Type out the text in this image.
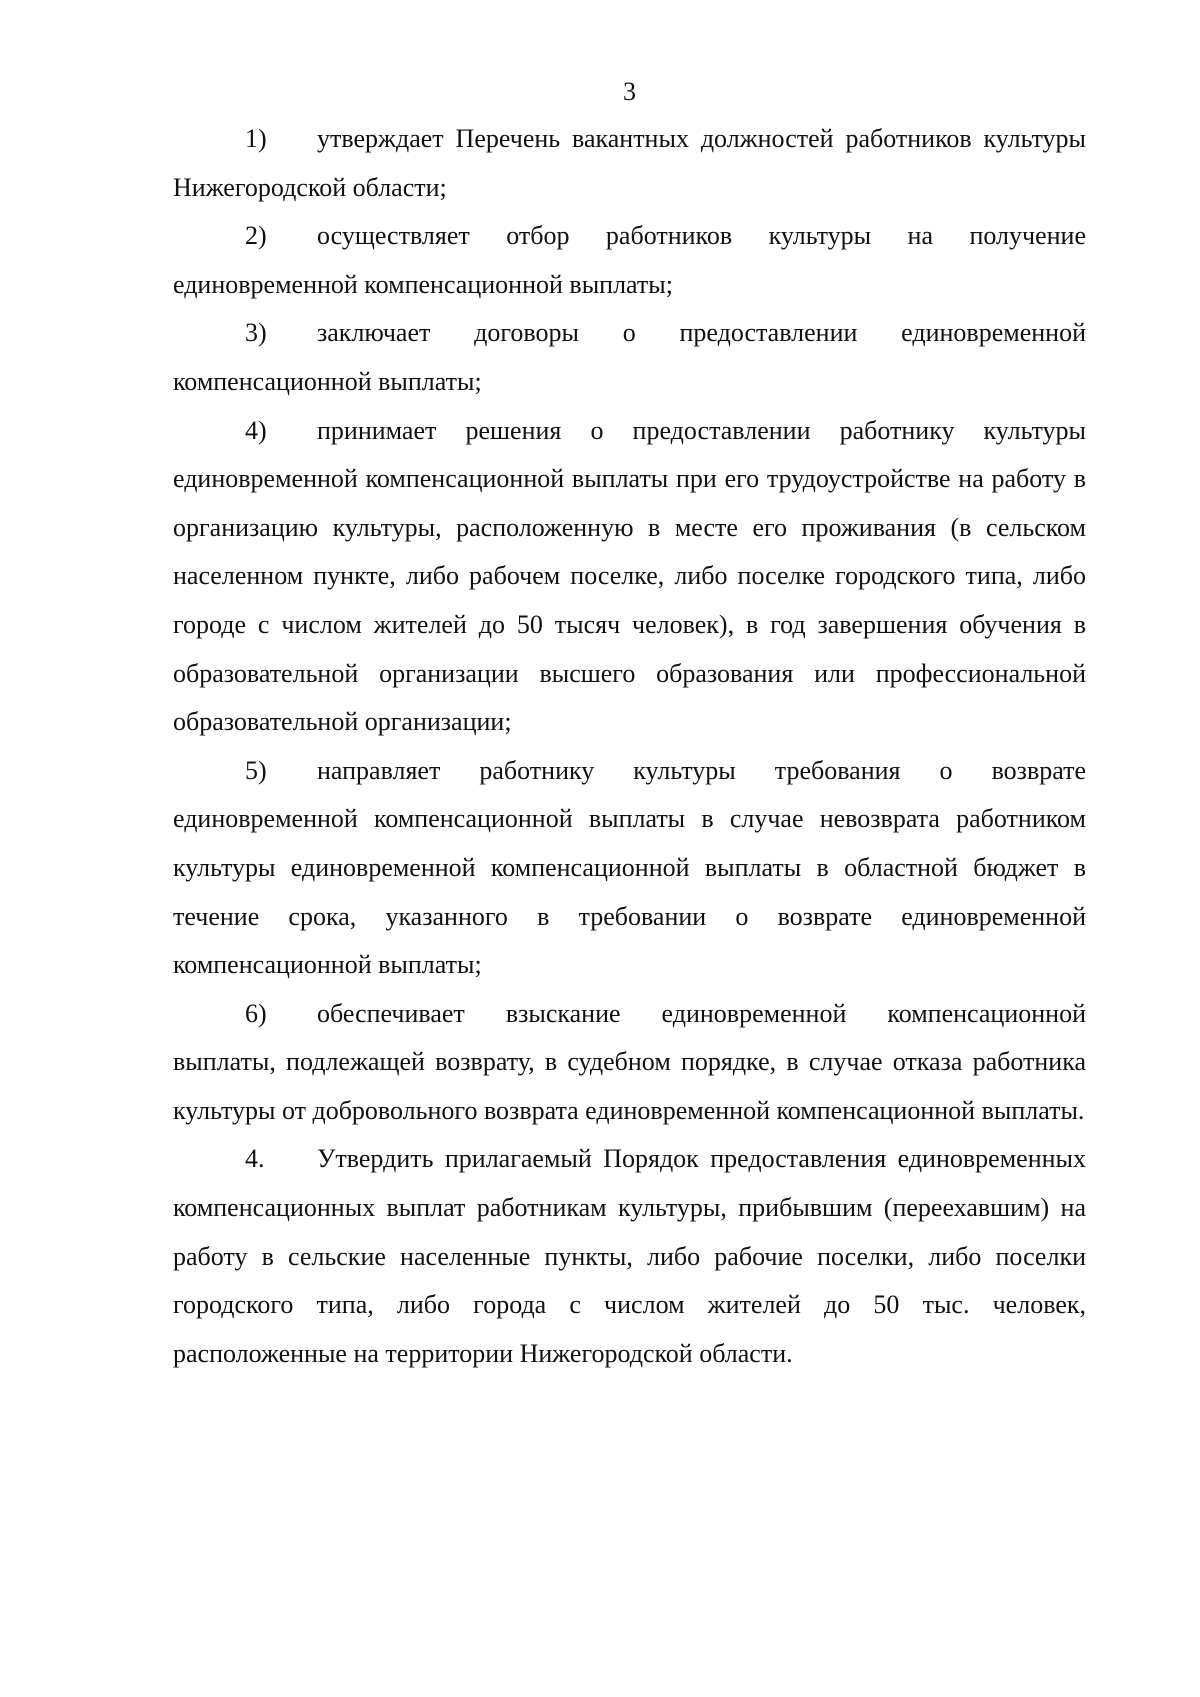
3

1) утверждает Перечень вакантных должностей работников культуры Нижегородской области;

2) осуществляет отбор работников культуры на получение единовременной компенсационной выплаты;

3) заключает договоры о предоставлении единовременной компенсационной выплаты;

4) принимает решения о предоставлении работнику культуры единовременной компенсационной выплаты при его трудоустройстве на работу в организацию культуры, расположенную в месте его проживания (в сельском населенном пункте, либо рабочем поселке, либо поселке городского типа, либо городе с числом жителей до 50 тысяч человек), в год завершения обучения в образовательной организации высшего образования или профессиональной образовательной организации;

5) направляет работнику культуры требования о возврате единовременной компенсационной выплаты в случае невозврата работником культуры единовременной компенсационной выплаты в областной бюджет в течение срока, указанного в требовании о возврате единовременной компенсационной выплаты;

6) обеспечивает взыскание единовременной компенсационной выплаты, подлежащей возврату, в судебном порядке, в случае отказа работника культуры от добровольного возврата единовременной компенсационной выплаты.

4. Утвердить прилагаемый Порядок предоставления единовременных компенсационных выплат работникам культуры, прибывшим (переехавшим) на работу в сельские населенные пункты, либо рабочие поселки, либо поселки городского типа, либо города с числом жителей до 50 тыс. человек, расположенные на территории Нижегородской области.
